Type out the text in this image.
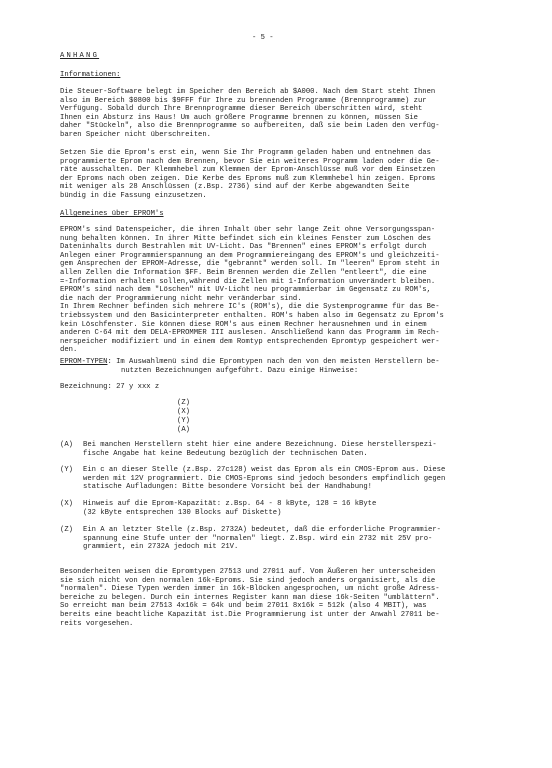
- 5 -
ANHANG
Informationen:
Die Steuer-Software belegt im Speicher den Bereich ab $A000. Nach dem Start steht Ihnen
also im Bereich $0800 bis $9FFF für Ihre zu brennenden Programme (Brennprogramme) zur
Verfügung. Sobald durch Ihre Brennprogramme dieser Bereich überschritten wird, steht
Ihnen ein Absturz ins Haus! Um auch größere Programme brennen zu können, müssen Sie
daher "Stückeln", also die Brennprogramme so aufbereiten, daß sie beim Laden den verfüg-
baren Speicher nicht überschreiten.
Setzen Sie die Eprom's erst ein, wenn Sie Ihr Programm geladen haben und entnehmen das
programmierte Eprom nach dem Brennen, bevor Sie ein weiteres Programm laden oder die Ge-
räte ausschalten. Der Klemmhebel zum Klemmen der Eprom-Anschlüsse muß vor dem Einsetzen
der Eproms nach oben zeigen. Die Kerbe des Eproms muß zum Klemmhebel hin zeigen. Eproms
mit weniger als 28 Anschlüssen (z.Bsp. 2736) sind auf der Kerbe abgewandten Seite
bündig in die Fassung einzusetzen.
Allgemeines über EPROM's
EPROM's sind Datenspeicher, die ihren Inhalt über sehr lange Zeit ohne Versorgungsspan-
nung behalten können. In ihrer Mitte befindet sich ein kleines Fenster zum Löschen des
Dateninhalts durch Bestrahlen mit UV-Licht. Das "Brennen" eines EPROM's erfolgt durch
Anlegen einer Programmierspannung an dem Programmiereingang des EPROM's und gleichzeiti-
gem Ansprechen der EPROM-Adresse, die "gebrannt" werden soll. Im "leeren" Eprom steht in
allen Zellen die Information $FF. Beim Brennen werden die Zellen "entleert", die eine
=-Information erhalten sollen,während die Zellen mit 1-Information unverändert bleiben.
EPROM's sind nach dem "Löschen" mit UV-Licht neu programmierbar im Gegensatz zu ROM's,
die nach der Programmierung nicht mehr veränderbar sind.
In Ihrem Rechner befinden sich mehrere IC's (ROM's), die die Systemprogramme für das Be-
triebssystem und den Basicinterpreter enthalten. ROM's haben also im Gegensatz zu Eprom's
kein Löschfenster. Sie können diese ROM's aus einem Rechner herausnehmen und in einem
anderen C-64 mit dem DELA-EPROMMER III auslesen. Anschließend kann das Programm im Rech-
nerspeicher modifiziert und in einem dem Romtyp entsprechenden Epromtyp gespeichert wer-
den.
EPROM-TYPEN: Im Auswahlmenü sind die Epromtypen nach den von den meisten Herstellern be-
nutzten Bezeichnungen aufgeführt. Dazu einige Hinweise:
Bezeichnung: 27 y xxx z
(Z)
(X)
(Y)
(A)
(A) Bei manchen Herstellern steht hier eine andere Bezeichnung. Diese herstellerspezi-
fische Angabe hat keine Bedeutung bezüglich der technischen Daten.
(Y) Ein c an dieser Stelle (z.Bsp. 27c128) weist das Eprom als ein CMOS-Eprom aus. Diese
werden mit 12V programmiert. Die CMOS-Eproms sind jedoch besonders empfindlich gegen
statische Aufladungen: Bitte besondere Vorsicht bei der Handhabung!
(X) Hinweis auf die Eprom-Kapazität: z.Bsp. 64 - 8 kByte, 128 = 16 kByte
(32 kByte entsprechen 130 Blocks auf Diskette)
(Z) Ein A an letzter Stelle (z.Bsp. 2732A) bedeutet, daß die erforderliche Programmier-
spannung eine Stufe unter der "normalen" liegt. Z.Bsp. wird ein 2732 mit 25V pro-
grammiert, ein 2732A jedoch mit 21V.
Besonderheiten weisen die Epromtypen 27513 und 27011 auf. Vom Äußeren her unterscheiden
sie sich nicht von den normalen 16k-Eproms. Sie sind jedoch anders organisiert, als die
"normalen". Diese Typen werden immer in 16k-Blöcken angesprochen, um nicht große Adress-
bereiche zu belegen. Durch ein internes Register kann man diese 16k-Seiten "umblättern".
So erreicht man beim 27513 4x16k = 64k und beim 27011 8x16k = 512k (also 4 MBIT), was
bereits eine beachtliche Kapazität ist.Die Programmierung ist unter der Anwahl 27011 be-
reits vorgesehen.
